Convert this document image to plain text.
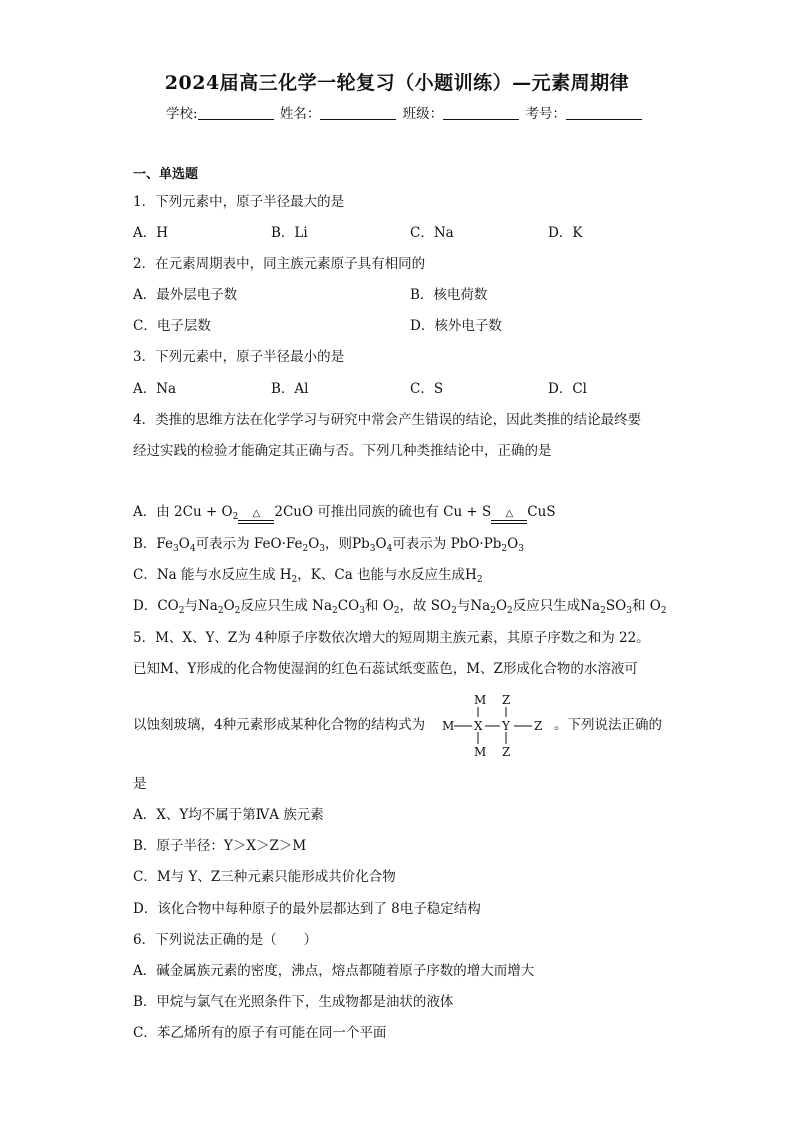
2024届高三化学一轮复习（小题训练）—元素周期律
学校:	姓名：	班级：	考号：
一、单选题
1．下列元素中，原子半径最大的是
A．H	B．Li	C．Na	D．K
2．在元素周期表中，同主族元素原子具有相同的
A．最外层电子数	B．核电荷数
C．电子层数	D．核外电子数
3．下列元素中，原子半径最小的是
A．Na	B．Al	C．S	D．Cl
4．类推的思维方法在化学学习与研究中常会产生错误的结论，因此类推的结论最终要
经过实践的检验才能确定其正确与否。下列几种类推结论中，正确的是
A．由 $2Cu + O_2$	△	2CuO 可推出同族的硫也有 Cu + S	△	CuS
B．$Fe_3O_4$可表示为 $FeO\cdot Fe_2O_3$，则$Pb_3O_4$可表示为 $PbO\cdot Pb_2O_3$
C．Na 能与水反应生成 $H_2$，K、Ca 也能与水反应生成$H_2$
D．$CO_2$与$Na_2O_2$反应只生成 $Na_2CO_3$和 $O_2$，故 $SO_2$与$Na_2O_2$反应只生成$Na_2SO_3$和 $O_2$
5．M、X、Y、Z为 4种原子序数依次增大的短周期主族元素，其原子序数之和为 22。
已知M、Y形成的化合物使湿润的红色石蕊试纸变蓝色，M、Z形成化合物的水溶液可
以蚀刻玻璃，4种元素形成某种化合物的结构式为
M Z
M X Y Z
M Z
。下列说法正确的
是
A．X、Y均不属于第ⅣA 族元素
B．原子半径：Y＞X＞Z＞M
C．M与 Y、Z三种元素只能形成共价化合物
D．该化合物中每种原子的最外层都达到了 8电子稳定结构
6．下列说法正确的是（　　）
A．碱金属族元素的密度，沸点，熔点都随着原子序数的增大而增大
B．甲烷与氯气在光照条件下，生成物都是油状的液体
C．苯乙烯所有的原子有可能在同一个平面
